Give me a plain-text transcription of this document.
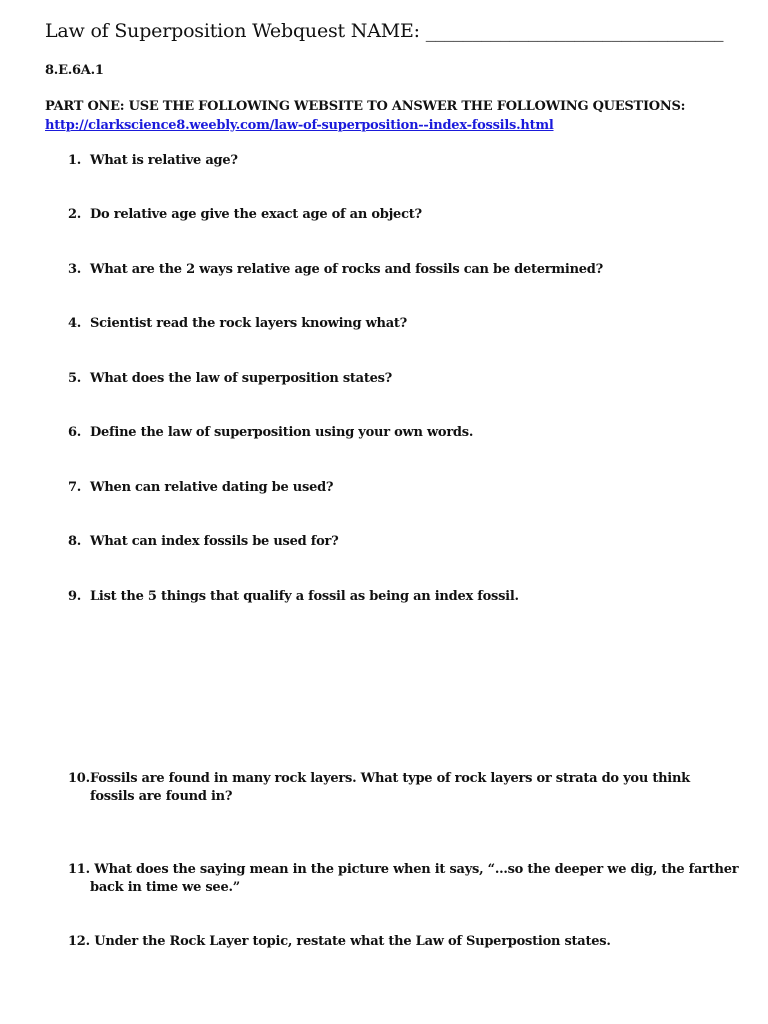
Law of Superposition Webquest NAME: ________________________________
8.E.6A.1
PART ONE: USE THE FOLLOWING WEBSITE TO ANSWER THE FOLLOWING QUESTIONS:
http://clarkscience8.weebly.com/law-of-superposition--index-fossils.html
1. What is relative age?
2. Do relative age give the exact age of an object?
3. What are the 2 ways relative age of rocks and fossils can be determined?
4. Scientist read the rock layers knowing what?
5. What does the law of superposition states?
6. Define the law of superposition using your own words.
7. When can relative dating be used?
8. What can index fossils be used for?
9. List the 5 things that qualify a fossil as being an index fossil.
10.Fossils are found in many rock layers. What type of rock layers or strata do you think
fossils are found in?
11. What does the saying mean in the picture when it says, “…so the deeper we dig, the farther
back in time we see.”
12. Under the Rock Layer topic, restate what the Law of Superpostion states.
